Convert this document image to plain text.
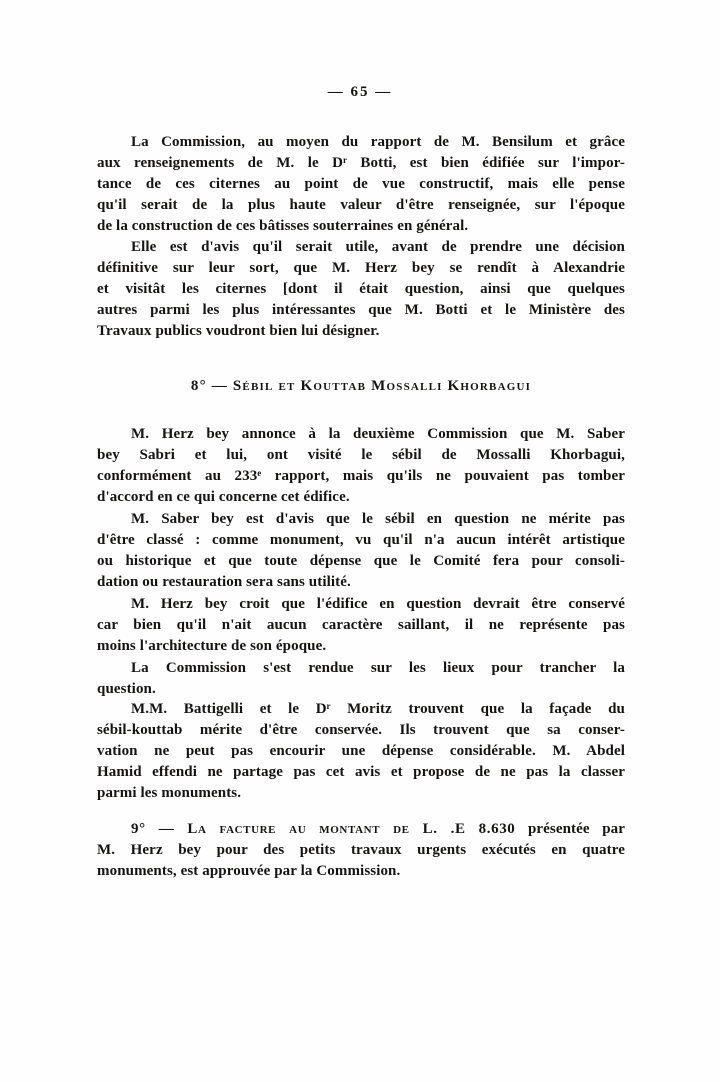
— 65 —
La Commission, au moyen du rapport de M. Bensilum et grâce
aux renseignements de M. le Dʳ Botti, est bien édifiée sur l'impor-
tance de ces citernes au point de vue constructif, mais elle pense
qu'il serait de la plus haute valeur d'être renseignée, sur l'époque
de la construction de ces bâtisses souterraines en général.
Elle est d'avis qu'il serait utile, avant de prendre une décision
définitive sur leur sort, que M. Herz bey se rendît à Alexandrie
et visitât les citernes [dont il était question, ainsi que quelques
autres parmi les plus intéressantes que M. Botti et le Ministère des
Travaux publics voudront bien lui désigner.
8° — Sébil et Kouttab Mossalli Khorbagui
M. Herz bey annonce à la deuxième Commission que M. Saber
bey Sabri et lui, ont visité le sébil de Mossalli Khorbagui,
conformément au 233ᵉ rapport, mais qu'ils ne pouvaient pas tomber
d'accord en ce qui concerne cet édifice.
M. Saber bey est d'avis que le sébil en question ne mérite pas
d'être classé : comme monument, vu qu'il n'a aucun intérêt artistique
ou historique et que toute dépense que le Comité fera pour consoli-
dation ou restauration sera sans utilité.
M. Herz bey croit que l'édifice en question devrait être conservé
car bien qu'il n'ait aucun caractère saillant, il ne représente pas
moins l'architecture de son époque.
La Commission s'est rendue sur les lieux pour trancher la
question.
M.M. Battigelli et le Dʳ Moritz trouvent que la façade du
sébil-kouttab mérite d'être conservée. Ils trouvent que sa conser-
vation ne peut pas encourir une dépense considérable. M. Abdel
Hamid effendi ne partage pas cet avis et propose de ne pas la classer
parmi les monuments.
9° — La facture au montant de L. .E 8.630 présentée par
M. Herz bey pour des petits travaux urgents exécutés en quatre
monuments, est approuvée par la Commission.
